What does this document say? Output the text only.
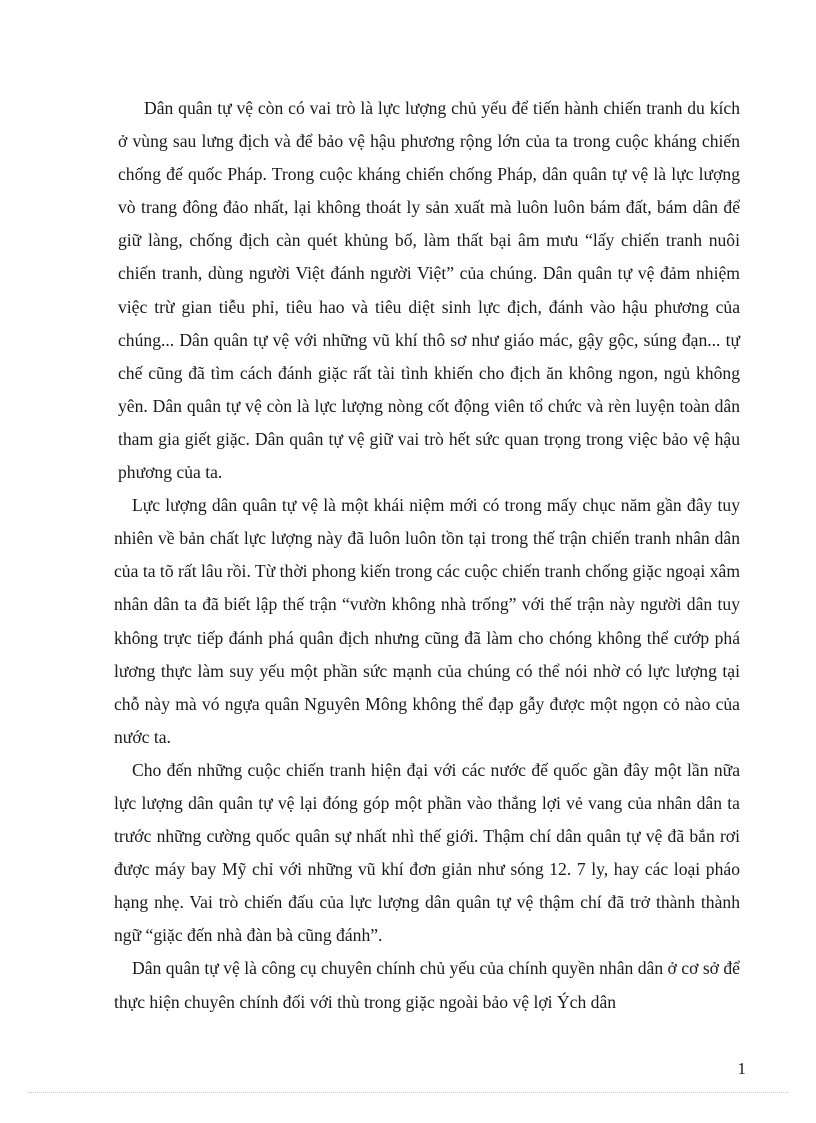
Dân quân tự vệ còn có vai trò là lực lượng chủ yếu để tiến hành chiến tranh du kích ở vùng sau lưng địch và để bảo vệ hậu phương rộng lớn của ta trong cuộc kháng chiến chống đế quốc Pháp. Trong cuộc kháng chiến chống Pháp, dân quân tự vệ là lực lượng vò trang đông đảo nhất, lại không thoát ly sản xuất mà luôn luôn bám đất, bám dân để giữ làng, chống địch càn quét khủng bố, làm thất bại âm mưu “lấy chiến tranh nuôi chiến tranh, dùng người Việt đánh người Việt” của chúng. Dân quân tự vệ đảm nhiệm việc trừ gian tiễu phỉ, tiêu hao và tiêu diệt sinh lực địch, đánh vào hậu phương của chúng... Dân quân tự vệ với những vũ khí thô sơ như giáo mác, gậy gộc, súng đạn... tự chế cũng đã tìm cách đánh giặc rất tài tình khiến cho địch ăn không ngon, ngủ không yên. Dân quân tự vệ còn là lực lượng nòng cốt động viên tổ chức và rèn luyện toàn dân tham gia giết giặc. Dân quân tự vệ giữ vai trò hết sức quan trọng trong việc bảo vệ hậu phương của ta.

Lực lượng dân quân tự vệ là một khái niệm mới có trong mấy chục năm gần đây tuy nhiên về bản chất lực lượng này đã luôn luôn tồn tại trong thế trận chiến tranh nhân dân của ta tõ rất lâu rồi. Từ thời phong kiến trong các cuộc chiến tranh chống giặc ngoại xâm nhân dân ta đã biết lập thế trận “vườn không nhà trống” với thế trận này người dân tuy không trực tiếp đánh phá quân địch nhưng cũng đã làm cho chóng không thể cướp phá lương thực làm suy yếu một phần sức mạnh của chúng có thể nói nhờ có lực lượng tại chỗ này mà vó ngựa quân Nguyên Mông không thể đạp gẫy được một ngọn cỏ nào của nước ta.

Cho đến những cuộc chiến tranh hiện đại với các nước đế quốc gần đây một lần nữa lực lượng dân quân tự vệ lại đóng góp một phần vào thắng lợi vẻ vang của nhân dân ta trước những cường quốc quân sự nhất nhì thế giới. Thậm chí dân quân tự vệ đã bắn rơi được máy bay Mỹ chỉ với những vũ khí đơn giản như sóng 12. 7 ly, hay các loại pháo hạng nhẹ. Vai trò chiến đấu của lực lượng dân quân tự vệ thậm chí đã trở thành thành ngữ “giặc đến nhà đàn bà cũng đánh”.

Dân quân tự vệ là công cụ chuyên chính chủ yếu của chính quyền nhân dân ở cơ sở để thực hiện chuyên chính đối với thù trong giặc ngoài bảo vệ lợi Ých dân

1
